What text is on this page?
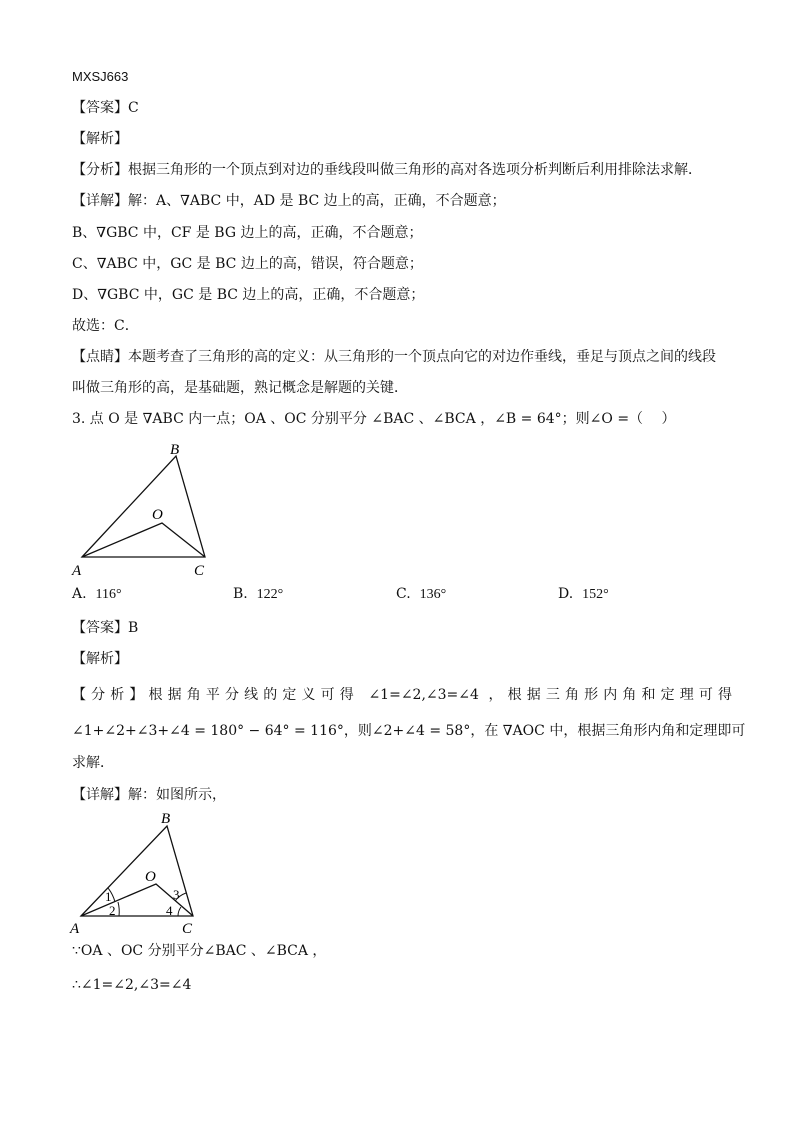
MXSJ663
【答案】C
【解析】
【分析】根据三角形的一个顶点到对边的垂线段叫做三角形的高对各选项分析判断后利用排除法求解．
【详解】解：A、∇ABC 中，AD 是 BC 边上的高，正确，不合题意；
B、∇GBC 中，CF 是 BG 边上的高，正确，不合题意；
C、∇ABC 中，GC 是 BC 边上的高，错误，符合题意；
D、∇GBC 中，GC 是 BC 边上的高，正确，不合题意；
故选：C．
【点睛】本题考查了三角形的高的定义：从三角形的一个顶点向它的对边作垂线，垂足与顶点之间的线段
叫做三角形的高，是基础题，熟记概念是解题的关键．
3. 点 O 是 ∇ABC 内一点；OA 、OC 分别平分 ∠BAC 、∠BCA ，∠B = 64°；则∠O =（　 ）
A
B
C
O
A. 116°	B. 122°	C. 136°	D. 152°
【答案】B
【解析】
【分析】根据角平分线的定义可得 ∠1=∠2,∠3=∠4 ，根据三角形内角和定理可得
∠1+∠2+∠3+∠4 = 180° − 64° = 116°，则∠2+∠4 = 58°，在 ∇AOC 中，根据三角形内角和定理即可
求解．
【详解】解：如图所示，
A
B
C
O
1
2
3
4
∵OA 、OC 分别平分∠BAC 、∠BCA ，
∴∠1=∠2,∠3=∠4
